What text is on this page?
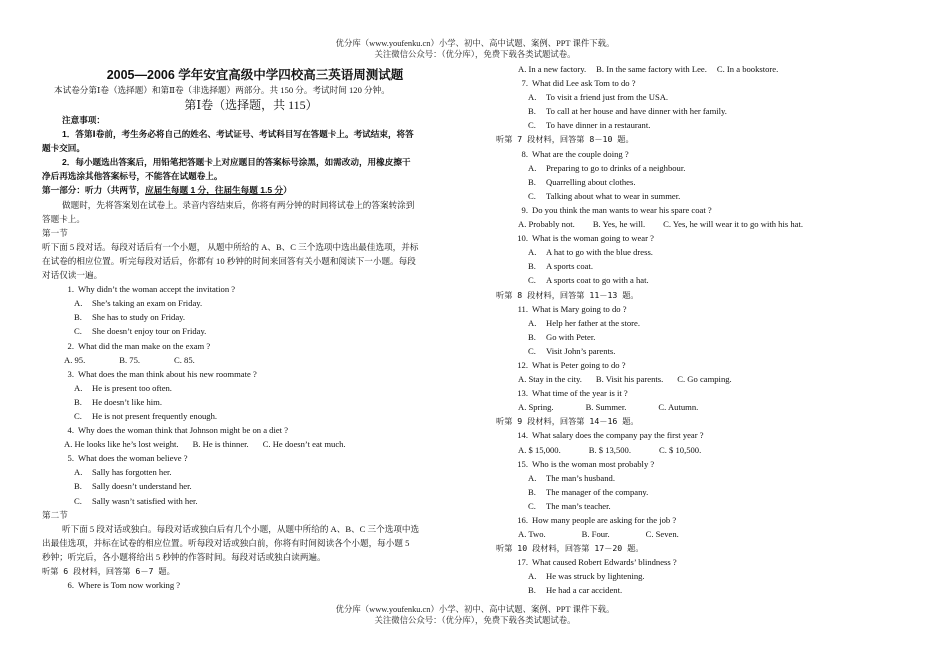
优分库（www.youfenku.cn）小学、初中、高中试题、案例、PPT 课件下载。
关注微信公众号：（优分库），免费下载各类试题试卷。
2005—2006 学年安宜高级中学四校高三英语周测试题
本试卷分第Ⅰ卷（选择题）和第Ⅱ卷（非选择题）两部分。共 150 分。考试时间 120 分钟。
第Ⅰ卷（选择题，共 115）
注意事项：
1．答第Ⅰ卷前，考生务必将自己的姓名、考试证号、考试科目写在答题卡上。考试结束，将答
题卡交回。
2．每小题选出答案后，用铅笔把答题卡上对应题目的答案标号涂黑，如需改动，用橡皮擦干
净后再选涂其他答案标号，不能答在试题卷上。
第一部分：听力（共两节，应届生每题 1 分，往届生每题 1.5 分）
做题时，先将答案划在试卷上。录音内容结束后，你将有两分钟的时间将试卷上的答案转涂到
答题卡上。
第一节
听下面 5 段对话。每段对话后有一个小题， 从题中所给的 A、B、C 三个选项中选出最佳选项，并标
在试卷的相应位置。听完每段对话后，你都有 10 秒钟的时间来回答有关小题和阅读下一小题。每段
对话仅读一遍。
1. Why didn’t the woman accept the invitation ?
A. She’s taking an exam on Friday.
B. She has to study on Friday.
C. She doesn’t enjoy tour on Friday.
2. What did the man make on the exam ?
A. 95.	B. 75.	C. 85.
3. What does the man think about his new roommate ?
A. He is present too often.
B. He doesn’t like him.
C. He is not present frequently enough.
4. Why does the woman think that Johnson might be on a diet ?
A. He looks like he’s lost weight. B. He is thinner. C. He doesn’t eat much.
5. What does the woman believe ?
A. Sally has forgotten her.
B. Sally doesn’t understand her.
C. Sally wasn’t satisfied with her.
第二节
听下面 5 段对话或独白。每段对话或独白后有几个小题，从题中所给的 A、B、C 三个选项中选
出最佳选项，并标在试卷的相应位置。听每段对话或独白前，你将有时间阅读各个小题，每小题 5
秒钟；听完后，各小题将给出 5 秒钟的作答时间。每段对话或独白读两遍。
听第 6 段材料，回答第 6－7 题。
6. Where is Tom now working ?
A. In a new factory. B. In the same factory with Lee. C. In a bookstore.
7. What did Lee ask Tom to do ?
A. To visit a friend just from the USA.
B. To call at her house and have dinner with her family.
C. To have dinner in a restaurant.
听第 7 段材料，回答第 8－10 题。
8. What are the couple doing ?
A. Preparing to go to drinks of a neighbour.
B. Quarrelling about clothes.
C. Talking about what to wear in summer.
9. Do you think the man wants to wear his spare coat ?
A. Probably not. B. Yes, he will. C. Yes, he will wear it to go with his hat.
10. What is the woman going to wear ?
A. A hat to go with the blue dress.
B. A sports coat.
C. A sports coat to go with a hat.
听第 8 段材料，回答第 11－13 题。
11. What is Mary going to do ?
A. Help her father at the store.
B. Go with Peter.
C. Visit John’s parents.
12. What is Peter going to do ?
A. Stay in the city. B. Visit his parents. C. Go camping.
13. What time of the year is it ?
A. Spring.	B. Summer.	C. Autumn.
听第 9 段材料，回答第 14－16 题。
14. What salary does the company pay the first year ?
A. $ 15,000.	B. $ 13,500.	C. $ 10,500.
15. Who is the woman most probably ?
A. The man’s husband.
B. The manager of the company.
C. The man’s teacher.
16. How many people are asking for the job ?
A. Two.	B. Four.	C. Seven.
听第 10 段材料，回答第 17－20 题。
17. What caused Robert Edwards’ blindness ?
A. He was struck by lightening.
B. He had a car accident.
优分库（www.youfenku.cn）小学、初中、高中试题、案例、PPT 课件下载。
关注微信公众号：（优分库），免费下载各类试题试卷。
